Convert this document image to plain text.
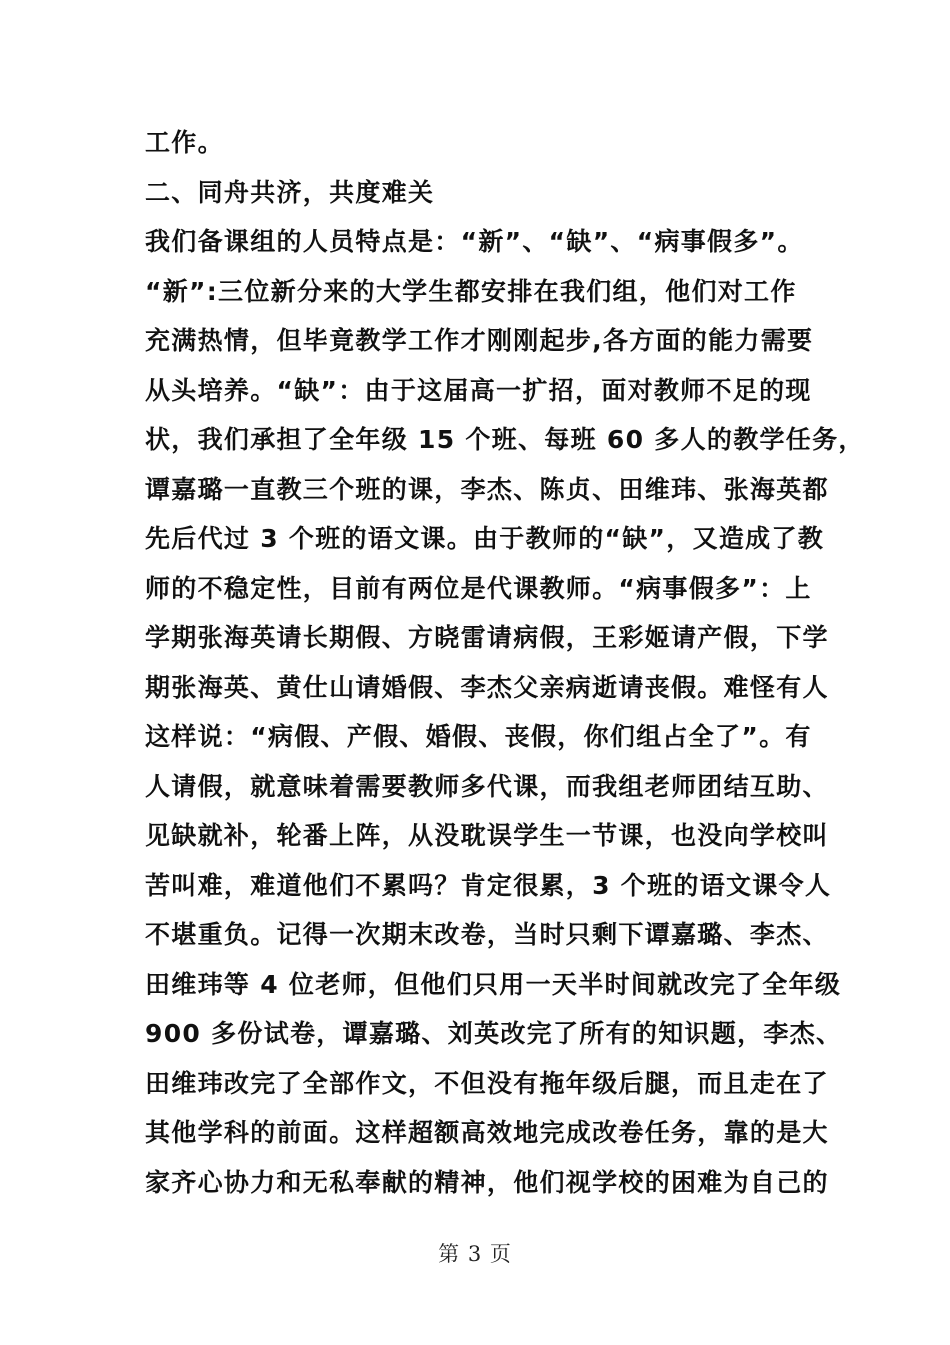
工作。
二、同舟共济，共度难关
我们备课组的人员特点是：“新”、“缺”、“病事假多”。
“新”:三位新分来的大学生都安排在我们组，他们对工作
充满热情，但毕竟教学工作才刚刚起步,各方面的能力需要
从头培养。“缺”：由于这届高一扩招，面对教师不足的现
状，我们承担了全年级 15 个班、每班 60 多人的教学任务，
谭嘉璐一直教三个班的课，李杰、陈贞、田维玮、张海英都
先后代过 3 个班的语文课。由于教师的“缺”，又造成了教
师的不稳定性，目前有两位是代课教师。“病事假多”：上
学期张海英请长期假、方晓雷请病假，王彩姬请产假，下学
期张海英、黄仕山请婚假、李杰父亲病逝请丧假。难怪有人
这样说：“病假、产假、婚假、丧假，你们组占全了”。有
人请假，就意味着需要教师多代课，而我组老师团结互助、
见缺就补，轮番上阵，从没耽误学生一节课，也没向学校叫
苦叫难，难道他们不累吗？肯定很累，3 个班的语文课令人
不堪重负。记得一次期末改卷，当时只剩下谭嘉璐、李杰、
田维玮等 4 位老师，但他们只用一天半时间就改完了全年级
900 多份试卷，谭嘉璐、刘英改完了所有的知识题，李杰、
田维玮改完了全部作文，不但没有拖年级后腿，而且走在了
其他学科的前面。这样超额高效地完成改卷任务，靠的是大
家齐心协力和无私奉献的精神，他们视学校的困难为自己的
第 3 页
